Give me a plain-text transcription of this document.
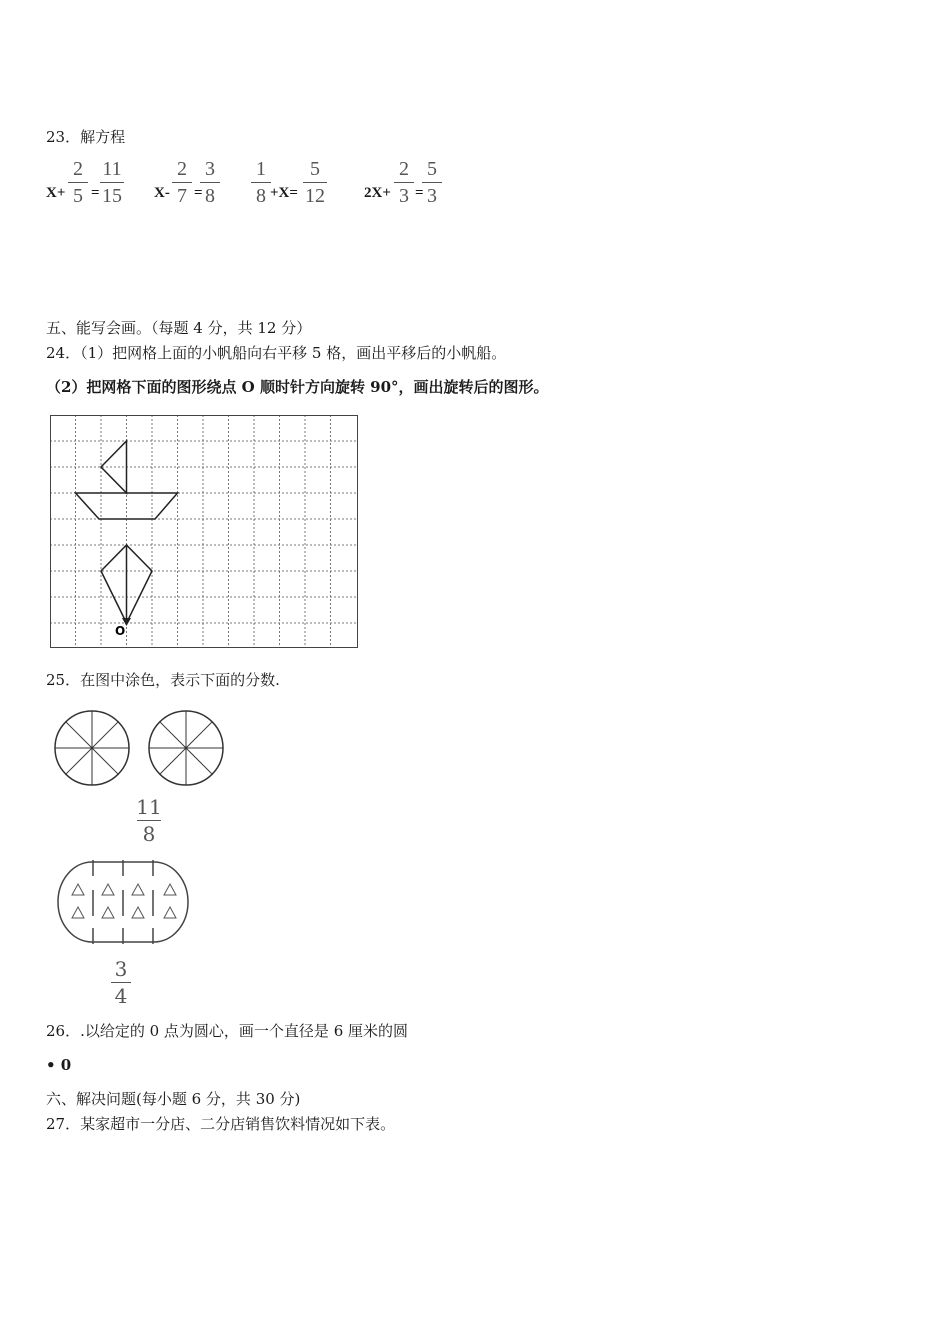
23．解方程
X+
2
5 =
11
15 X-
2
7 =
3
8
1
8 +X=
5
12	2X+
2
3 =
5
3
五、能写会画。（每题 4 分，共 12 分）
24．（1）把网格上面的小帆船向右平移 5 格，画出平移后的小帆船。
（2）把网格下面的图形绕点 O 顺时针方向旋转 90°，画出旋转后的图形。
O
25．在图中涂色，表示下面的分数.
11
8
3
4
26．.以给定的 0 点为圆心，画一个直径是 6 厘米的圆
• 0
六、解决问题(每小题 6 分，共 30 分)
27．某家超市一分店、二分店销售饮料情况如下表。
